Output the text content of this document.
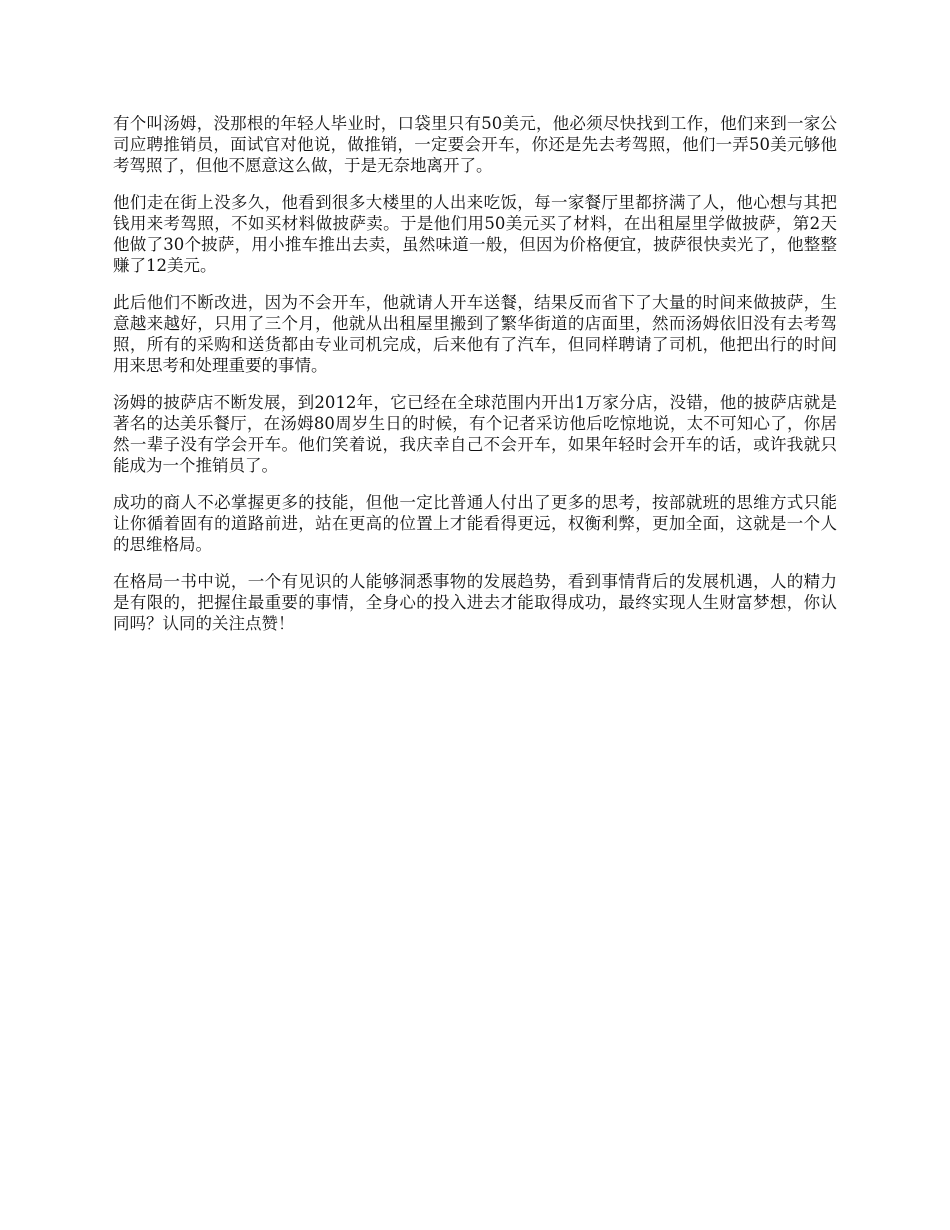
有个叫汤姆，没那根的年轻人毕业时，口袋里只有50美元，他必须尽快找到工作，他们来到一家公司应聘推销员，面试官对他说，做推销，一定要会开车，你还是先去考驾照，他们一弄50美元够他考驾照了，但他不愿意这么做，于是无奈地离开了。

他们走在街上没多久，他看到很多大楼里的人出来吃饭，每一家餐厅里都挤满了人，他心想与其把钱用来考驾照，不如买材料做披萨卖。于是他们用50美元买了材料，在出租屋里学做披萨，第2天他做了30个披萨，用小推车推出去卖，虽然味道一般，但因为价格便宜，披萨很快卖光了，他整整赚了12美元。

此后他们不断改进，因为不会开车，他就请人开车送餐，结果反而省下了大量的时间来做披萨，生意越来越好，只用了三个月，他就从出租屋里搬到了繁华街道的店面里，然而汤姆依旧没有去考驾照，所有的采购和送货都由专业司机完成，后来他有了汽车，但同样聘请了司机，他把出行的时间用来思考和处理重要的事情。

汤姆的披萨店不断发展，到2012年，它已经在全球范围内开出1万家分店，没错，他的披萨店就是著名的达美乐餐厅，在汤姆80周岁生日的时候，有个记者采访他后吃惊地说，太不可知心了，你居然一辈子没有学会开车。他们笑着说，我庆幸自己不会开车，如果年轻时会开车的话，或许我就只能成为一个推销员了。

成功的商人不必掌握更多的技能，但他一定比普通人付出了更多的思考，按部就班的思维方式只能让你循着固有的道路前进，站在更高的位置上才能看得更远，权衡利弊，更加全面，这就是一个人的思维格局。

在格局一书中说，一个有见识的人能够洞悉事物的发展趋势，看到事情背后的发展机遇，人的精力是有限的，把握住最重要的事情，全身心的投入进去才能取得成功，最终实现人生财富梦想，你认同吗？认同的关注点赞！
